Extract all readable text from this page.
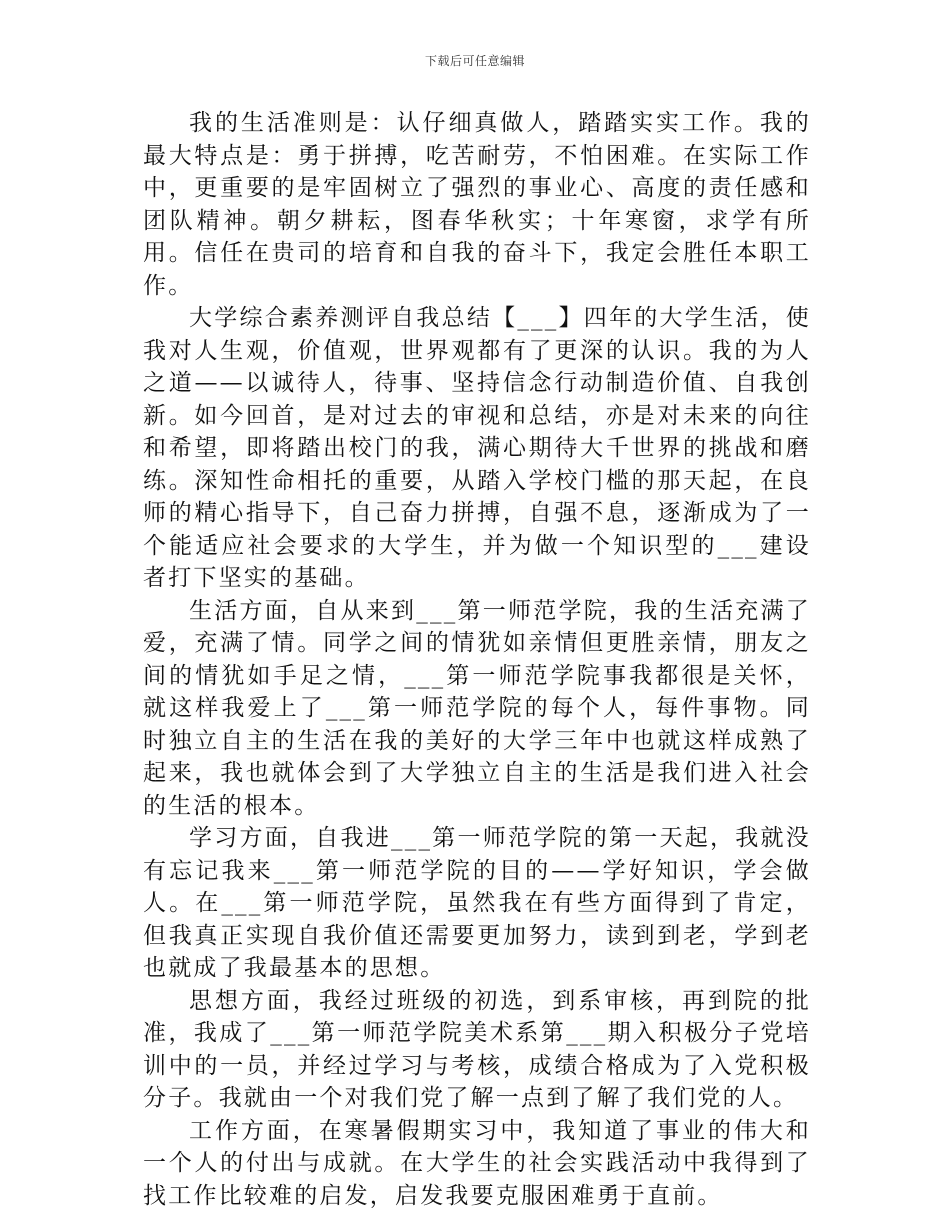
下载后可任意编辑

我的生活准则是：认仔细真做人，踏踏实实工作。我的最大特点是：勇于拼搏，吃苦耐劳，不怕困难。在实际工作中，更重要的是牢固树立了强烈的事业心、高度的责任感和团队精神。朝夕耕耘，图春华秋实；十年寒窗，求学有所用。信任在贵司的培育和自我的奋斗下，我定会胜任本职工作。

大学综合素养测评自我总结【___】四年的大学生活，使我对人生观，价值观，世界观都有了更深的认识。我的为人之道——以诚待人，待事、坚持信念行动制造价值、自我创新。如今回首，是对过去的审视和总结，亦是对未来的向往和希望，即将踏出校门的我，满心期待大千世界的挑战和磨练。深知性命相托的重要，从踏入学校门槛的那天起，在良师的精心指导下，自己奋力拼搏，自强不息，逐渐成为了一个能适应社会要求的大学生，并为做一个知识型的___建设者打下坚实的基础。

生活方面，自从来到___第一师范学院，我的生活充满了爱，充满了情。同学之间的情犹如亲情但更胜亲情，朋友之间的情犹如手足之情，___第一师范学院事我都很是关怀，就这样我爱上了___第一师范学院的每个人，每件事物。同时独立自主的生活在我的美好的大学三年中也就这样成熟了起来，我也就体会到了大学独立自主的生活是我们进入社会的生活的根本。

学习方面，自我进___第一师范学院的第一天起，我就没有忘记我来___第一师范学院的目的——学好知识，学会做人。在___第一师范学院，虽然我在有些方面得到了肯定，但我真正实现自我价值还需要更加努力，读到到老，学到老也就成了我最基本的思想。

思想方面，我经过班级的初选，到系审核，再到院的批准，我成了___第一师范学院美术系第___期入积极分子党培训中的一员，并经过学习与考核，成绩合格成为了入党积极分子。我就由一个对我们党了解一点到了解了我们党的人。

工作方面，在寒暑假期实习中，我知道了事业的伟大和一个人的付出与成就。在大学生的社会实践活动中我得到了找工作比较难的启发，启发我要克服困难勇于直前。
